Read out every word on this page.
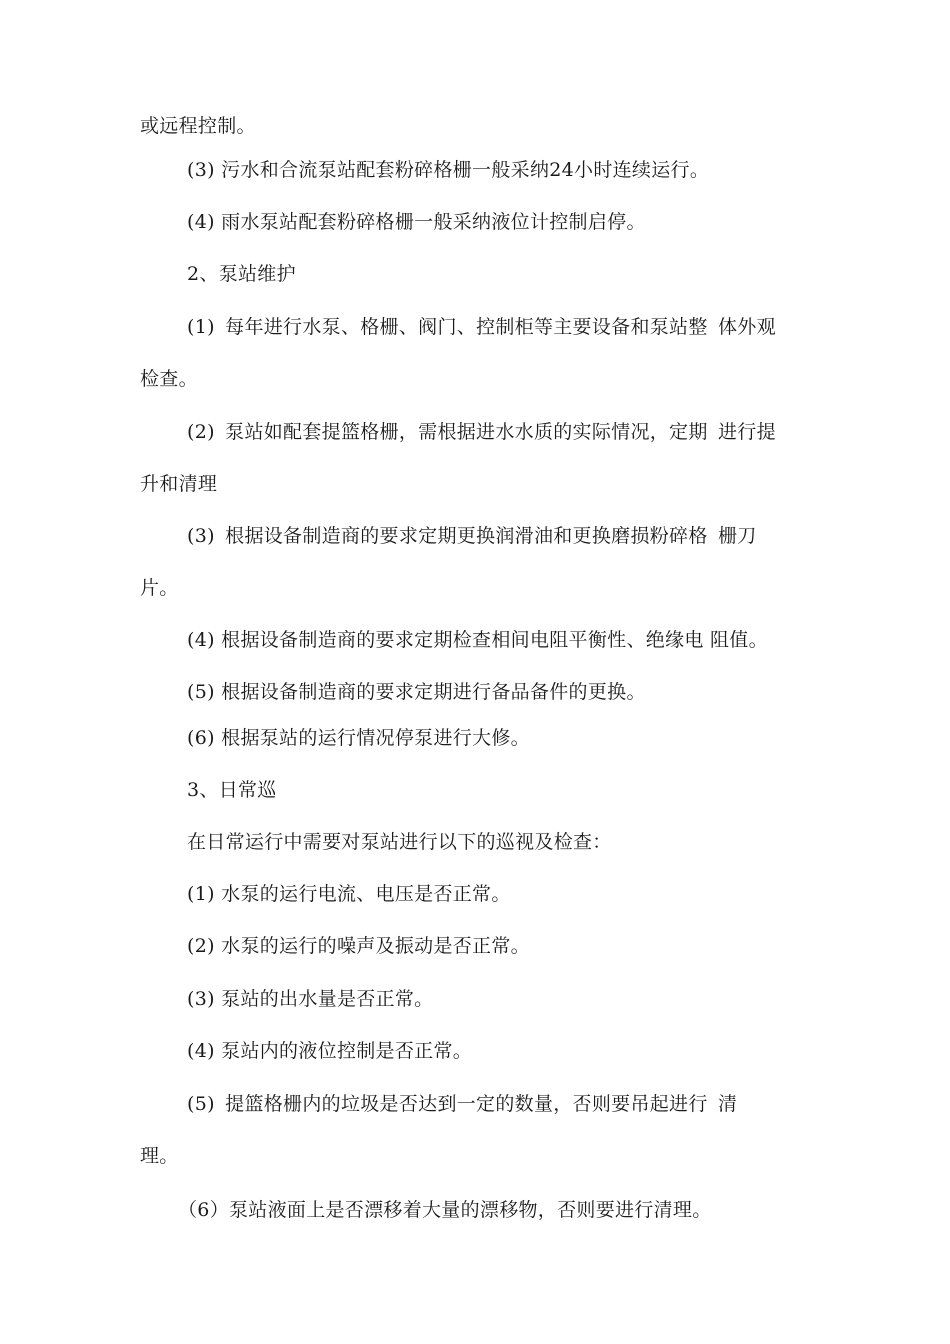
或远程控制。
(3) 污水和合流泵站配套粉碎格栅一般采纳24小时连续运行。
(4) 雨水泵站配套粉碎格栅一般采纳液位计控制启停。
2、泵站维护
(1) 每年进行水泵、格栅、阀门、控制柜等主要设备和泵站整 体外观
检查。
(2) 泵站如配套提篮格栅，需根据进水水质的实际情况，定期 进行提
升和清理
(3) 根据设备制造商的要求定期更换润滑油和更换磨损粉碎格 栅刀
片。
(4) 根据设备制造商的要求定期检查相间电阻平衡性、绝缘电 阻值。
(5) 根据设备制造商的要求定期进行备品备件的更换。
(6) 根据泵站的运行情况停泵进行大修。
3、日常巡
在日常运行中需要对泵站进行以下的巡视及检查：
(1) 水泵的运行电流、电压是否正常。
(2) 水泵的运行的噪声及振动是否正常。
(3) 泵站的出水量是否正常。
(4) 泵站内的液位控制是否正常。
(5) 提篮格栅内的垃圾是否达到一定的数量，否则要吊起进行 清
理。
（6）泵站液面上是否漂移着大量的漂移物，否则要进行清理。
